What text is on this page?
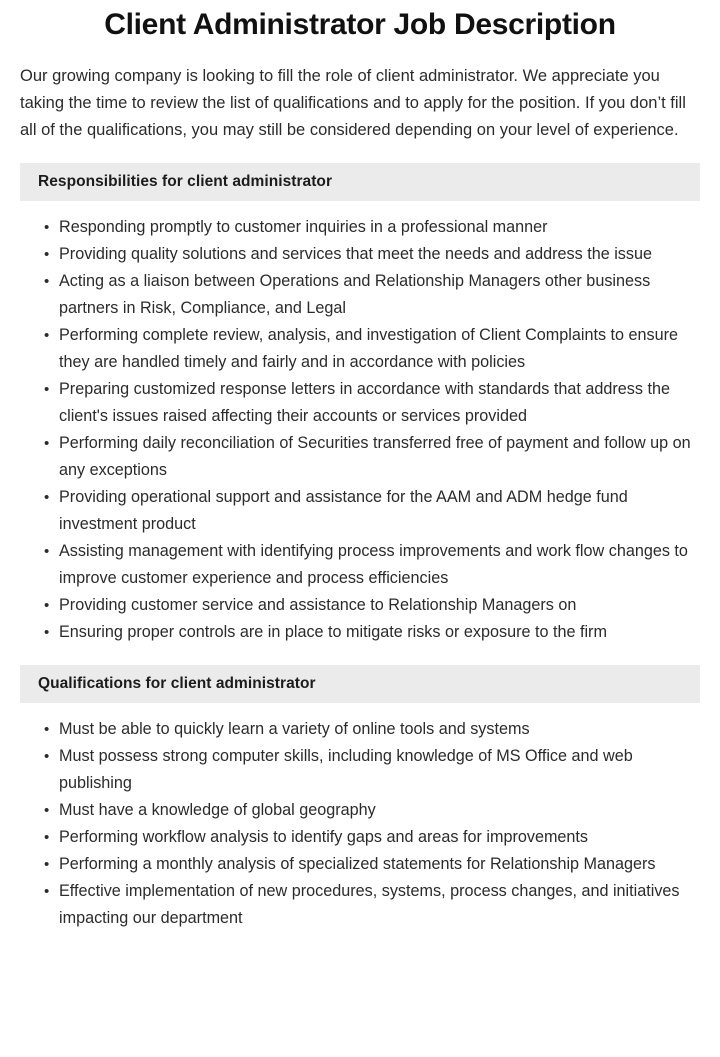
Client Administrator Job Description

Our growing company is looking to fill the role of client administrator. We appreciate you taking the time to review the list of qualifications and to apply for the position. If you don’t fill all of the qualifications, you may still be considered depending on your level of experience.

Responsibilities for client administrator
• Responding promptly to customer inquiries in a professional manner
• Providing quality solutions and services that meet the needs and address the issue
• Acting as a liaison between Operations and Relationship Managers other business partners in Risk, Compliance, and Legal
• Performing complete review, analysis, and investigation of Client Complaints to ensure they are handled timely and fairly and in accordance with policies
• Preparing customized response letters in accordance with standards that address the client's issues raised affecting their accounts or services provided
• Performing daily reconciliation of Securities transferred free of payment and follow up on any exceptions
• Providing operational support and assistance for the AAM and ADM hedge fund investment product
• Assisting management with identifying process improvements and work flow changes to improve customer experience and process efficiencies
• Providing customer service and assistance to Relationship Managers on
• Ensuring proper controls are in place to mitigate risks or exposure to the firm
Qualifications for client administrator
• Must be able to quickly learn a variety of online tools and systems
• Must possess strong computer skills, including knowledge of MS Office and web publishing
• Must have a knowledge of global geography
• Performing workflow analysis to identify gaps and areas for improvements
• Performing a monthly analysis of specialized statements for Relationship Managers
• Effective implementation of new procedures, systems, process changes, and initiatives impacting our department
